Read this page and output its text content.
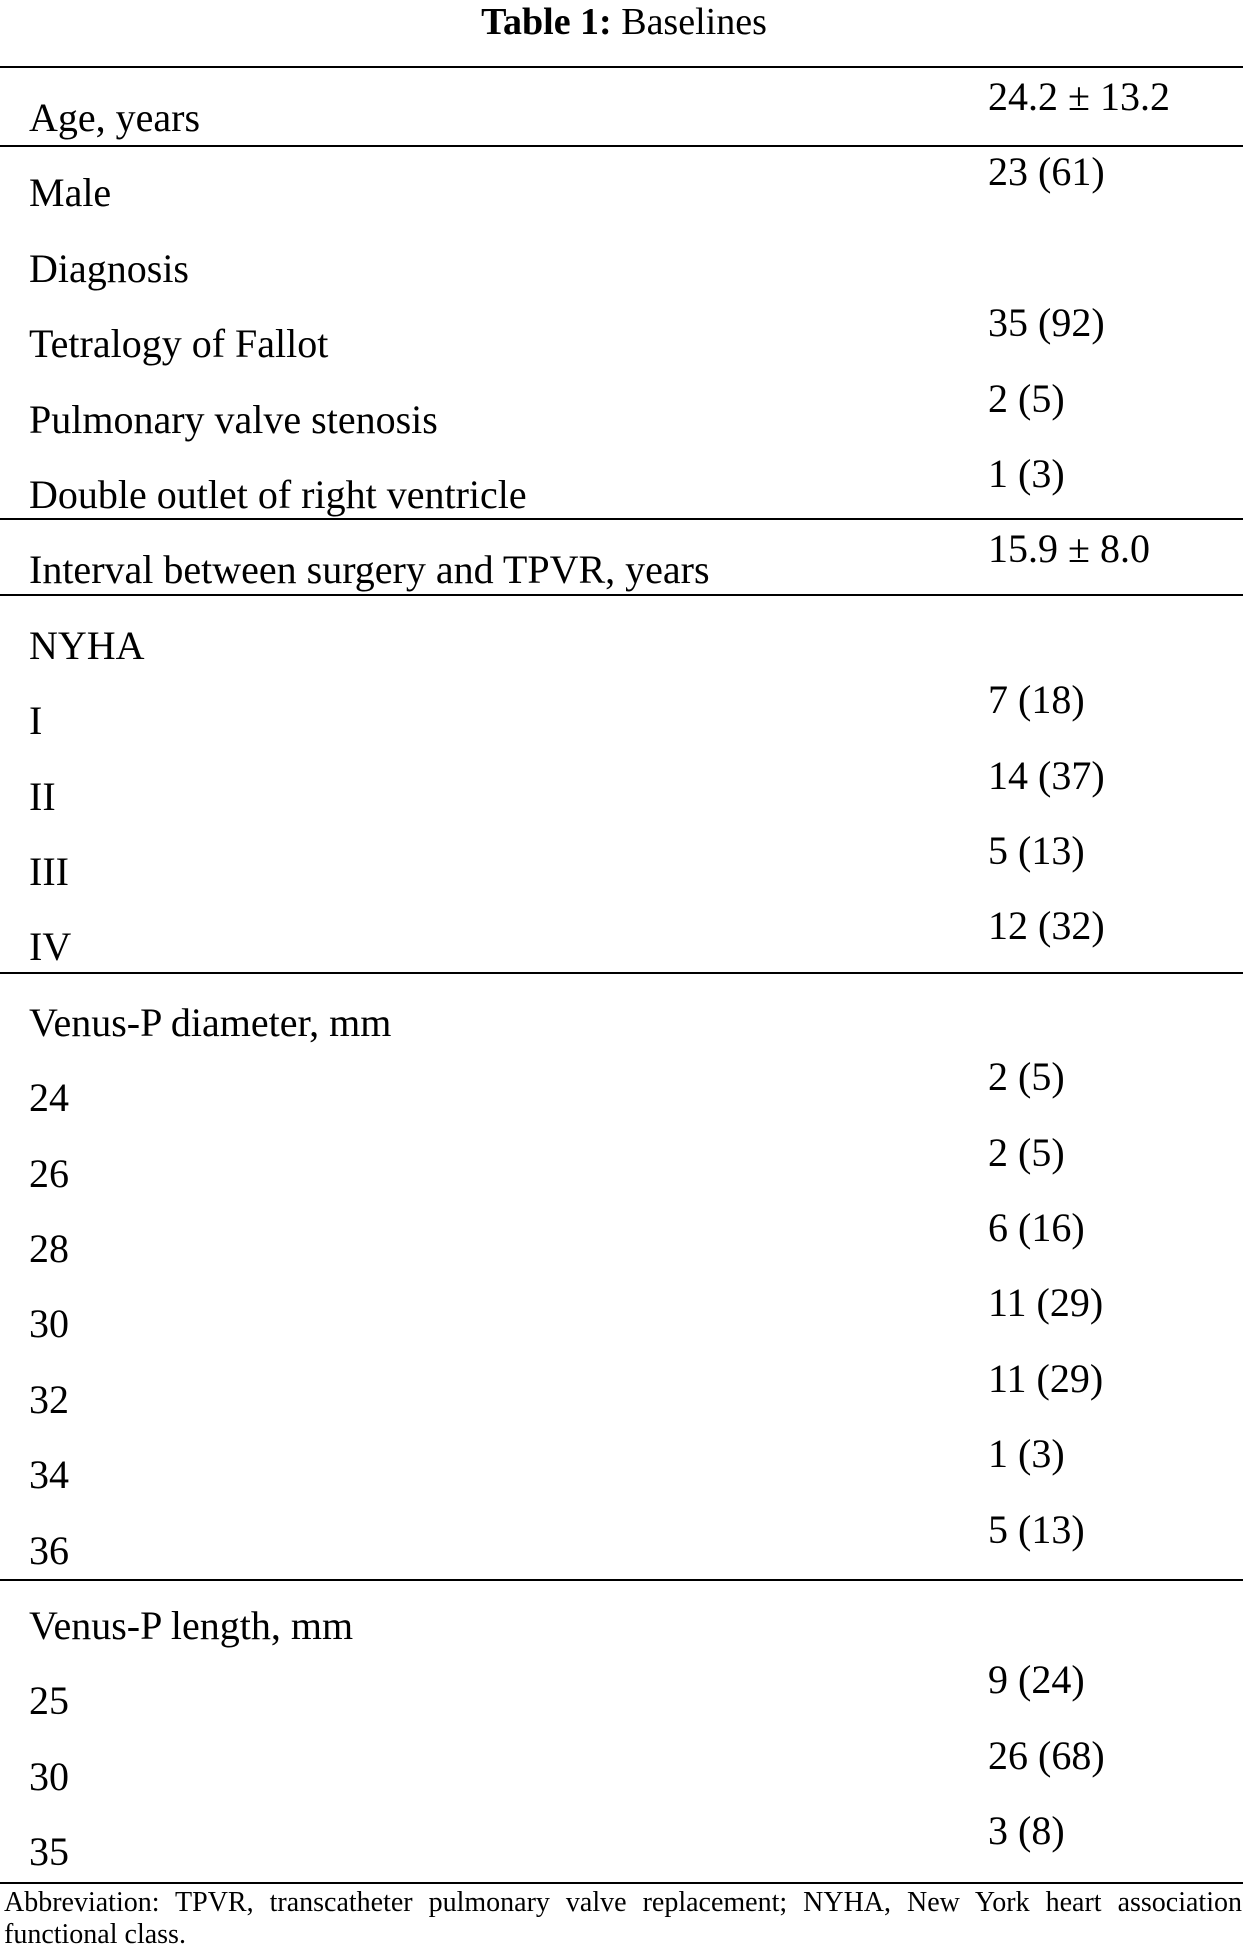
Table 1: Baselines
Age, years	24.2 ± 13.2
Male	23 (61)
Diagnosis
Tetralogy of Fallot	35 (92)
Pulmonary valve stenosis	2 (5)
Double outlet of right ventricle	1 (3)
Interval between surgery and TPVR, years	15.9 ± 8.0
NYHA
I	7 (18)
II	14 (37)
III	5 (13)
IV	12 (32)
Venus-P diameter, mm
24	2 (5)
26	2 (5)
28	6 (16)
30	11 (29)
32	11 (29)
34	1 (3)
36	5 (13)
Venus-P length, mm
25	9 (24)
30	26 (68)
35	3 (8)
Abbreviation: TPVR, transcatheter pulmonary valve replacement; NYHA, New York heart association functional class.
